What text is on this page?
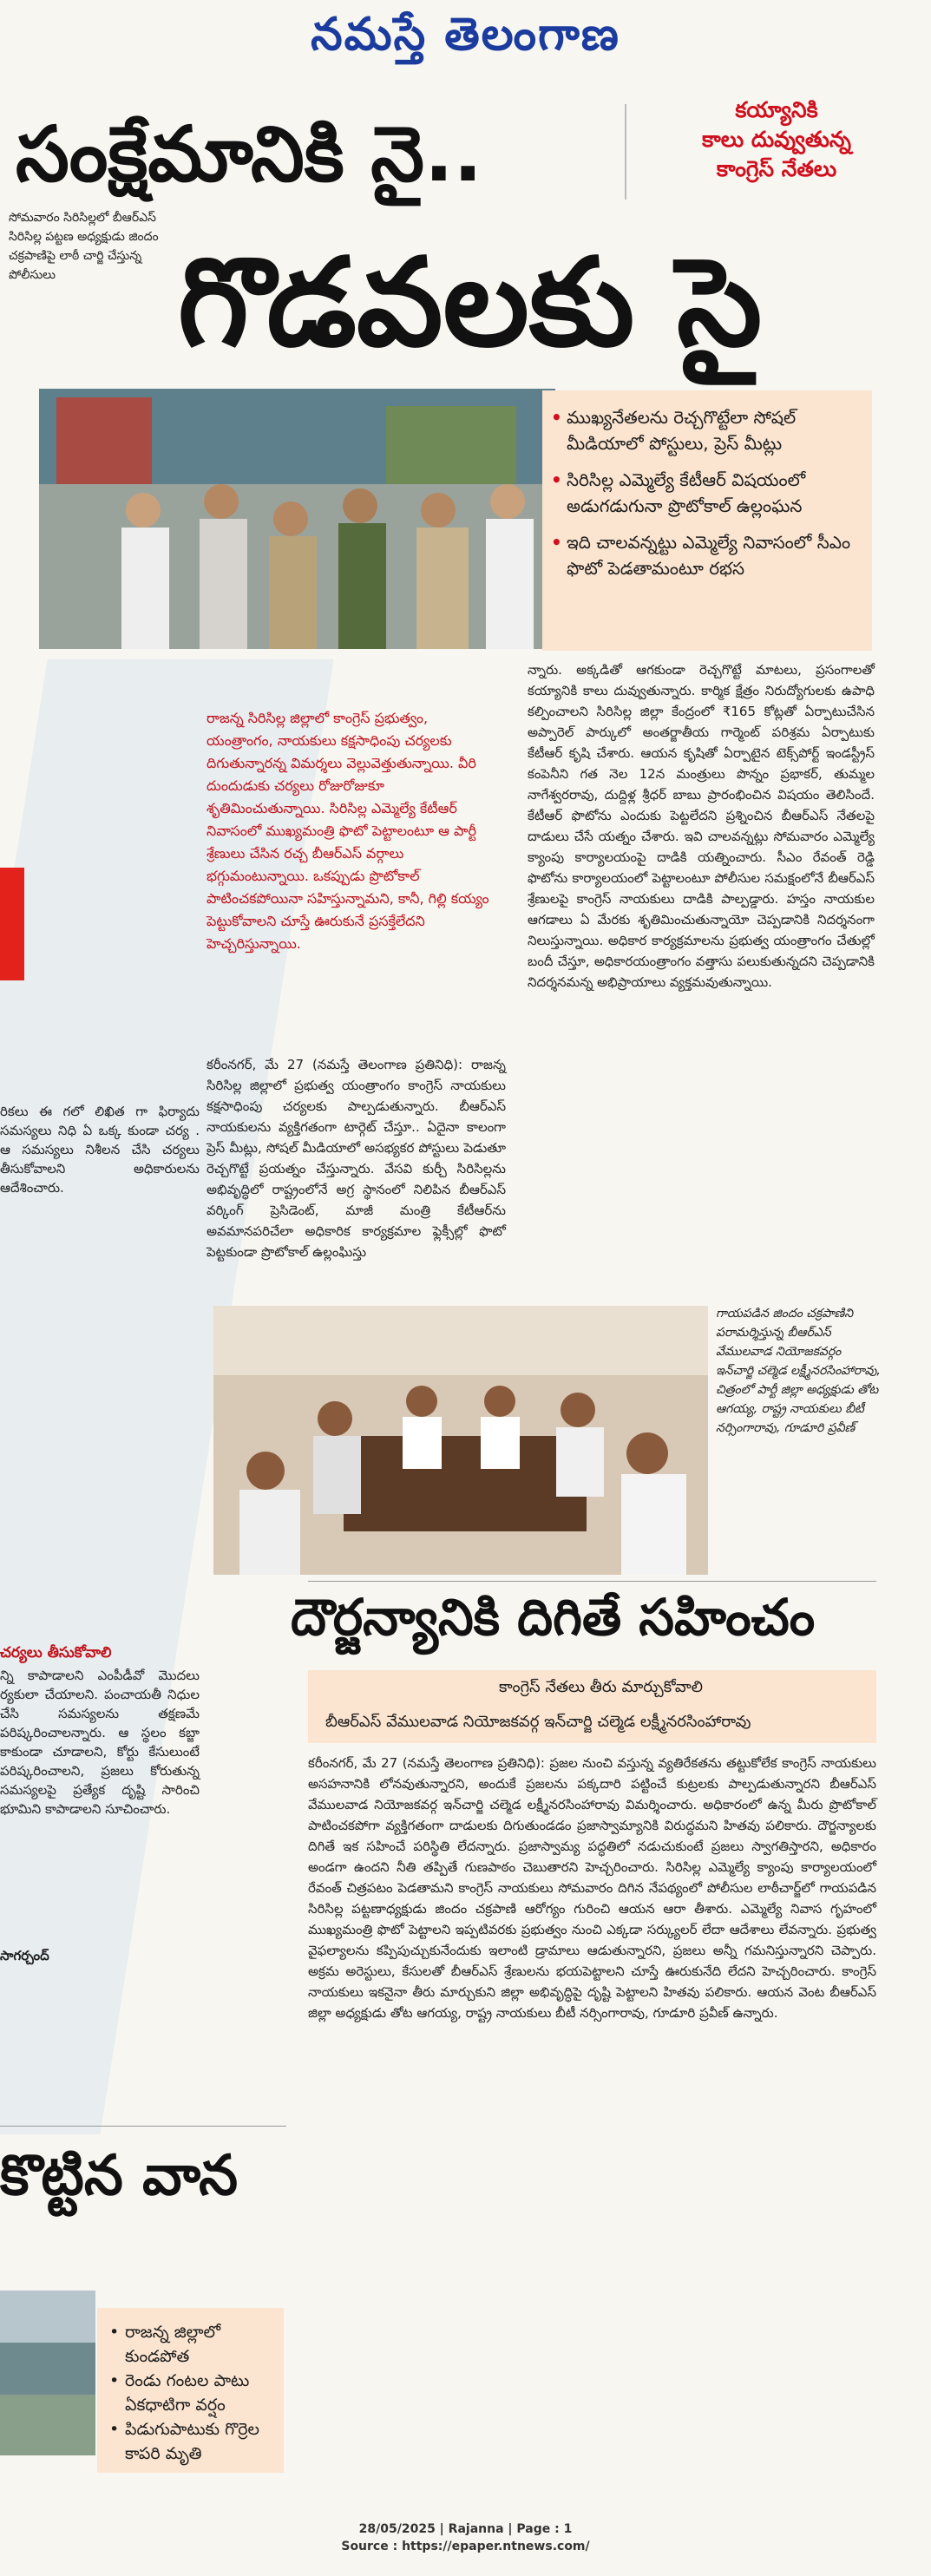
నమస్తే తెలంగాణ
సంక్షేమానికి నై..	కయ్యానికి
కాలు దువ్వుతున్న
కాంగ్రెస్ నేతలు
సోమవారం సిరిసిల్లలో బీఆర్ఎస్ సిరిసిల్ల పట్టణ అధ్యక్షుడు జిందం చక్రపాణిపై లాఠీ చార్జి చేస్తున్న పోలీసులు	గొడవలకు సై
• ముఖ్యనేతలను రెచ్చగొట్టేలా సోషల్ మీడియాలో పోస్టులు, ప్రెస్ మీట్లు
• సిరిసిల్ల ఎమ్మెల్యే కేటీఆర్ విషయంలో అడుగడుగునా ప్రొటోకాల్ ఉల్లంఘన
• ఇది చాలవన్నట్టు ఎమ్మెల్యే నివాసంలో సీఎం ఫొటో పెడతామంటూ రభస
రాజన్న సిరిసిల్ల జిల్లాలో కాంగ్రెస్ ప్రభుత్వం, యంత్రాంగం, నాయకులు కక్షసాధింపు చర్యలకు దిగుతున్నారన్న విమర్శలు వెల్లువెత్తుతున్నాయి. వీరి దుందుడుకు చర్యలు రోజురోజుకూ శృతిమించుతున్నాయి. సిరిసిల్ల ఎమ్మెల్యే కేటీఆర్ నివాసంలో ముఖ్యమంత్రి ఫొటో పెట్టాలంటూ ఆ పార్టీ శ్రేణులు చేసిన రచ్చ బీఆర్ఎస్ వర్గాలు భగ్గుమంటున్నాయి. ఒకప్పుడు ప్రొటోకాల్ పాటించకపోయినా సహిస్తున్నామని, కానీ, గిల్లి కయ్యం పెట్టుకోవాలని చూస్తే ఊరుకునే ప్రసక్తేలేదని హెచ్చరిస్తున్నాయి.
కరీంనగర్, మే 27 (నమస్తే తెలంగాణ ప్రతినిధి): రాజన్న సిరిసిల్ల జిల్లాలో ప్రభుత్వ యంత్రాంగం కాంగ్రెస్ నాయకులు కక్షసాధింపు చర్యలకు పాల్పడుతున్నారు. బీఆర్ఎస్ నాయకులను వ్యక్తిగతంగా టార్గెట్ చేస్తూ.. ఏదైనా కాలంగా ప్రెస్ మీట్లు, సోషల్ మీడియాలో అసభ్యకర పోస్టులు పెడుతూ రెచ్చగొట్టే ప్రయత్నం చేస్తున్నారు. వేసవి కుర్చీ సిరిసిల్లను అభివృద్ధిలో రాష్ట్రంలోనే అగ్ర స్థానంలో నిలిపిన బీఆర్ఎస్ వర్కింగ్ ప్రెసిడెంట్, మాజీ మంత్రి కేటీఆర్‌ను అవమానపరిచేలా అధికారిక కార్యక్రమాల ఫ్లెక్సీల్లో ఫొటో పెట్టకుండా ప్రొటోకాల్ ఉల్లంఘిస్తు
న్నారు. అక్కడితో ఆగకుండా రెచ్చగొట్టే మాటలు, ప్రసంగాలతో కయ్యానికి కాలు దువ్వుతున్నారు. కార్మిక క్షేత్రం నిరుద్యోగులకు ఉపాధి కల్పించాలని సిరిసిల్ల జిల్లా కేంద్రంలో ₹165 కోట్లతో ఏర్పాటుచేసిన అప్పారెల్ పార్కులో అంతర్జాతీయ గార్మెంట్ పరిశ్రమ ఏర్పాటుకు కేటీఆర్ కృషి చేశారు. ఆయన కృషితో ఏర్పాటైన టెక్స్‌పోర్ట్ ఇండస్ట్రీస్ కంపెనీని గత నెల 12న మంత్రులు పొన్నం ప్రభాకర్, తుమ్మల నాగేశ్వరరావు, దుద్దిళ్ల శ్రీధర్ బాబు ప్రారంభించిన విషయం తెలిసిందే. కేటీఆర్ ఫొటోను ఎందుకు పెట్టలేదని ప్రశ్నించిన బీఆర్ఎస్ నేతలపై దాడులు చేసే యత్నం చేశారు. ఇవి చాలవన్నట్లు సోమవారం ఎమ్మెల్యే క్యాంపు కార్యాలయంపై దాడికి యత్నించారు. సీఎం రేవంత్ రెడ్డి ఫొటోను కార్యాలయంలో పెట్టాలంటూ పోలీసుల సమక్షంలోనే బీఆర్ఎస్ శ్రేణులపై కాంగ్రెస్ నాయకులు దాడికి పాల్పడ్డారు. హస్తం నాయకుల ఆగడాలు ఏ మేరకు శృతిమించుతున్నాయో చెప్పడానికి నిదర్శనంగా నిలుస్తున్నాయి. అధికార కార్యక్రమాలను ప్రభుత్వ యంత్రాంగం చేతుల్లో బందీ చేస్తూ, అధికారయంత్రాంగం వత్తాసు పలుకుతున్నదని చెప్పడానికి నిదర్శనమన్న అభిప్రాయాలు వ్యక్తమవుతున్నాయి.
గాయపడిన జిందం చక్రపాణిని పరామర్శిస్తున్న బీఆర్ఎస్ వేములవాడ నియోజకవర్గం ఇన్‌చార్జి చల్మెడ లక్ష్మీనరసింహారావు, చిత్రంలో పార్టీ జిల్లా అధ్యక్షుడు తోట ఆగయ్య, రాష్ట్ర నాయకులు బీటీ నర్సింగారావు, గూడూరి ప్రవీణ్
దౌర్జన్యానికి దిగితే సహించం
కాంగ్రెస్ నేతలు తీరు మార్చుకోవాలి
బీఆర్ఎస్ వేములవాడ నియోజకవర్గ ఇన్‌చార్జి చల్మెడ లక్ష్మీనరసింహారావు
కరీంనగర్, మే 27 (నమస్తే తెలంగాణ ప్రతినిధి): ప్రజల నుంచి వస్తున్న వ్యతిరేకతను తట్టుకోలేక కాంగ్రెస్ నాయకులు అసహనానికి లోనవుతున్నారని, అందుకే ప్రజలను పక్కదారి పట్టించే కుట్రలకు పాల్పడుతున్నారని బీఆర్ఎస్ వేములవాడ నియోజకవర్గ ఇన్‌చార్జి చల్మెడ లక్ష్మీనరసింహారావు విమర్శించారు. అధికారంలో ఉన్న మీరు ప్రొటోకాల్ పాటించకపోగా వ్యక్తిగతంగా దాడులకు దిగుతుండడం ప్రజాస్వామ్యానికి విరుద్ధమని హితవు పలికారు. దౌర్జన్యాలకు దిగితే ఇక సహించే పరిస్థితి లేదన్నారు. ప్రజాస్వామ్య పద్ధతిలో నడుచుకుంటే ప్రజలు స్వాగతిస్తారని, అధికారం అండగా ఉందని నీతి తప్పితే గుణపాఠం చెబుతారని హెచ్చరించారు. సిరిసిల్ల ఎమ్మెల్యే క్యాంపు కార్యాలయంలో రేవంత్ చిత్రపటం పెడతామని కాంగ్రెస్ నాయకులు సోమవారం దిగిన నేపథ్యంలో పోలీసుల లాఠీచార్జ్‌లో గాయపడిన సిరిసిల్ల పట్టణాధ్యక్షుడు జిందం చక్రపాణి ఆరోగ్యం గురించి ఆయన ఆరా తీశారు. ఎమ్మెల్యే నివాస గృహంలో ముఖ్యమంత్రి ఫొటో పెట్టాలని ఇప్పటివరకు ప్రభుత్వం నుంచి ఎక్కడా సర్క్యులర్ లేదా ఆదేశాలు లేవన్నారు. ప్రభుత్వ వైఫల్యాలను కప్పిపుచ్చుకునేందుకు ఇలాంటి డ్రామాలు ఆడుతున్నారని, ప్రజలు అన్నీ గమనిస్తున్నారని చెప్పారు. అక్రమ అరెస్టులు, కేసులతో బీఆర్ఎస్ శ్రేణులను భయపెట్టాలని చూస్తే ఊరుకునేది లేదని హెచ్చరించారు. కాంగ్రెస్ నాయకులు ఇకనైనా తీరు మార్చుకుని జిల్లా అభివృద్ధిపై దృష్టి పెట్టాలని హితవు పలికారు. ఆయన వెంట బీఆర్ఎస్ జిల్లా అధ్యక్షుడు తోట ఆగయ్య, రాష్ట్ర నాయకులు బీటీ నర్సింగారావు, గూడూరి ప్రవీణ్ ఉన్నారు.
రికలు ఈ గలో లిఖిత గా ఫిర్యాదు సమస్యలు నిధి ఏ ఒక్క కుండా చర్య . ఆ సమస్యలు నిశీలన చేసి చర్యలు తీసుకోవాలని అధికారులను ఆదేశించారు.
చర్యలు తీసుకోవాలి
న్ని కాపాడాలని ఎంపీడీవో మొదలు ర్యకులా చేయాలని. పంచాయతీ నిధుల చేసి సమస్యలను తక్షణమే పరిష్కరించాలన్నారు. ఆ స్థలం కబ్జా కాకుండా చూడాలని, కోర్టు కేసులుంటే పరిష్కరించాలని, ప్రజలు కోరుతున్న సమస్యలపై ప్రత్యేక దృష్టి సారించి భూమిని కాపాడాలని సూచించారు.
సాగర్చంద్
కొట్టిన వాన
• రాజన్న జిల్లాలో కుండపోత
• రెండు గంటల పాటు ఏకధాటిగా వర్షం
• పిడుగుపాటుకు గొర్రెల కాపరి మృతి
28/05/2025 | Rajanna | Page : 1
Source : https://epaper.ntnews.com/
